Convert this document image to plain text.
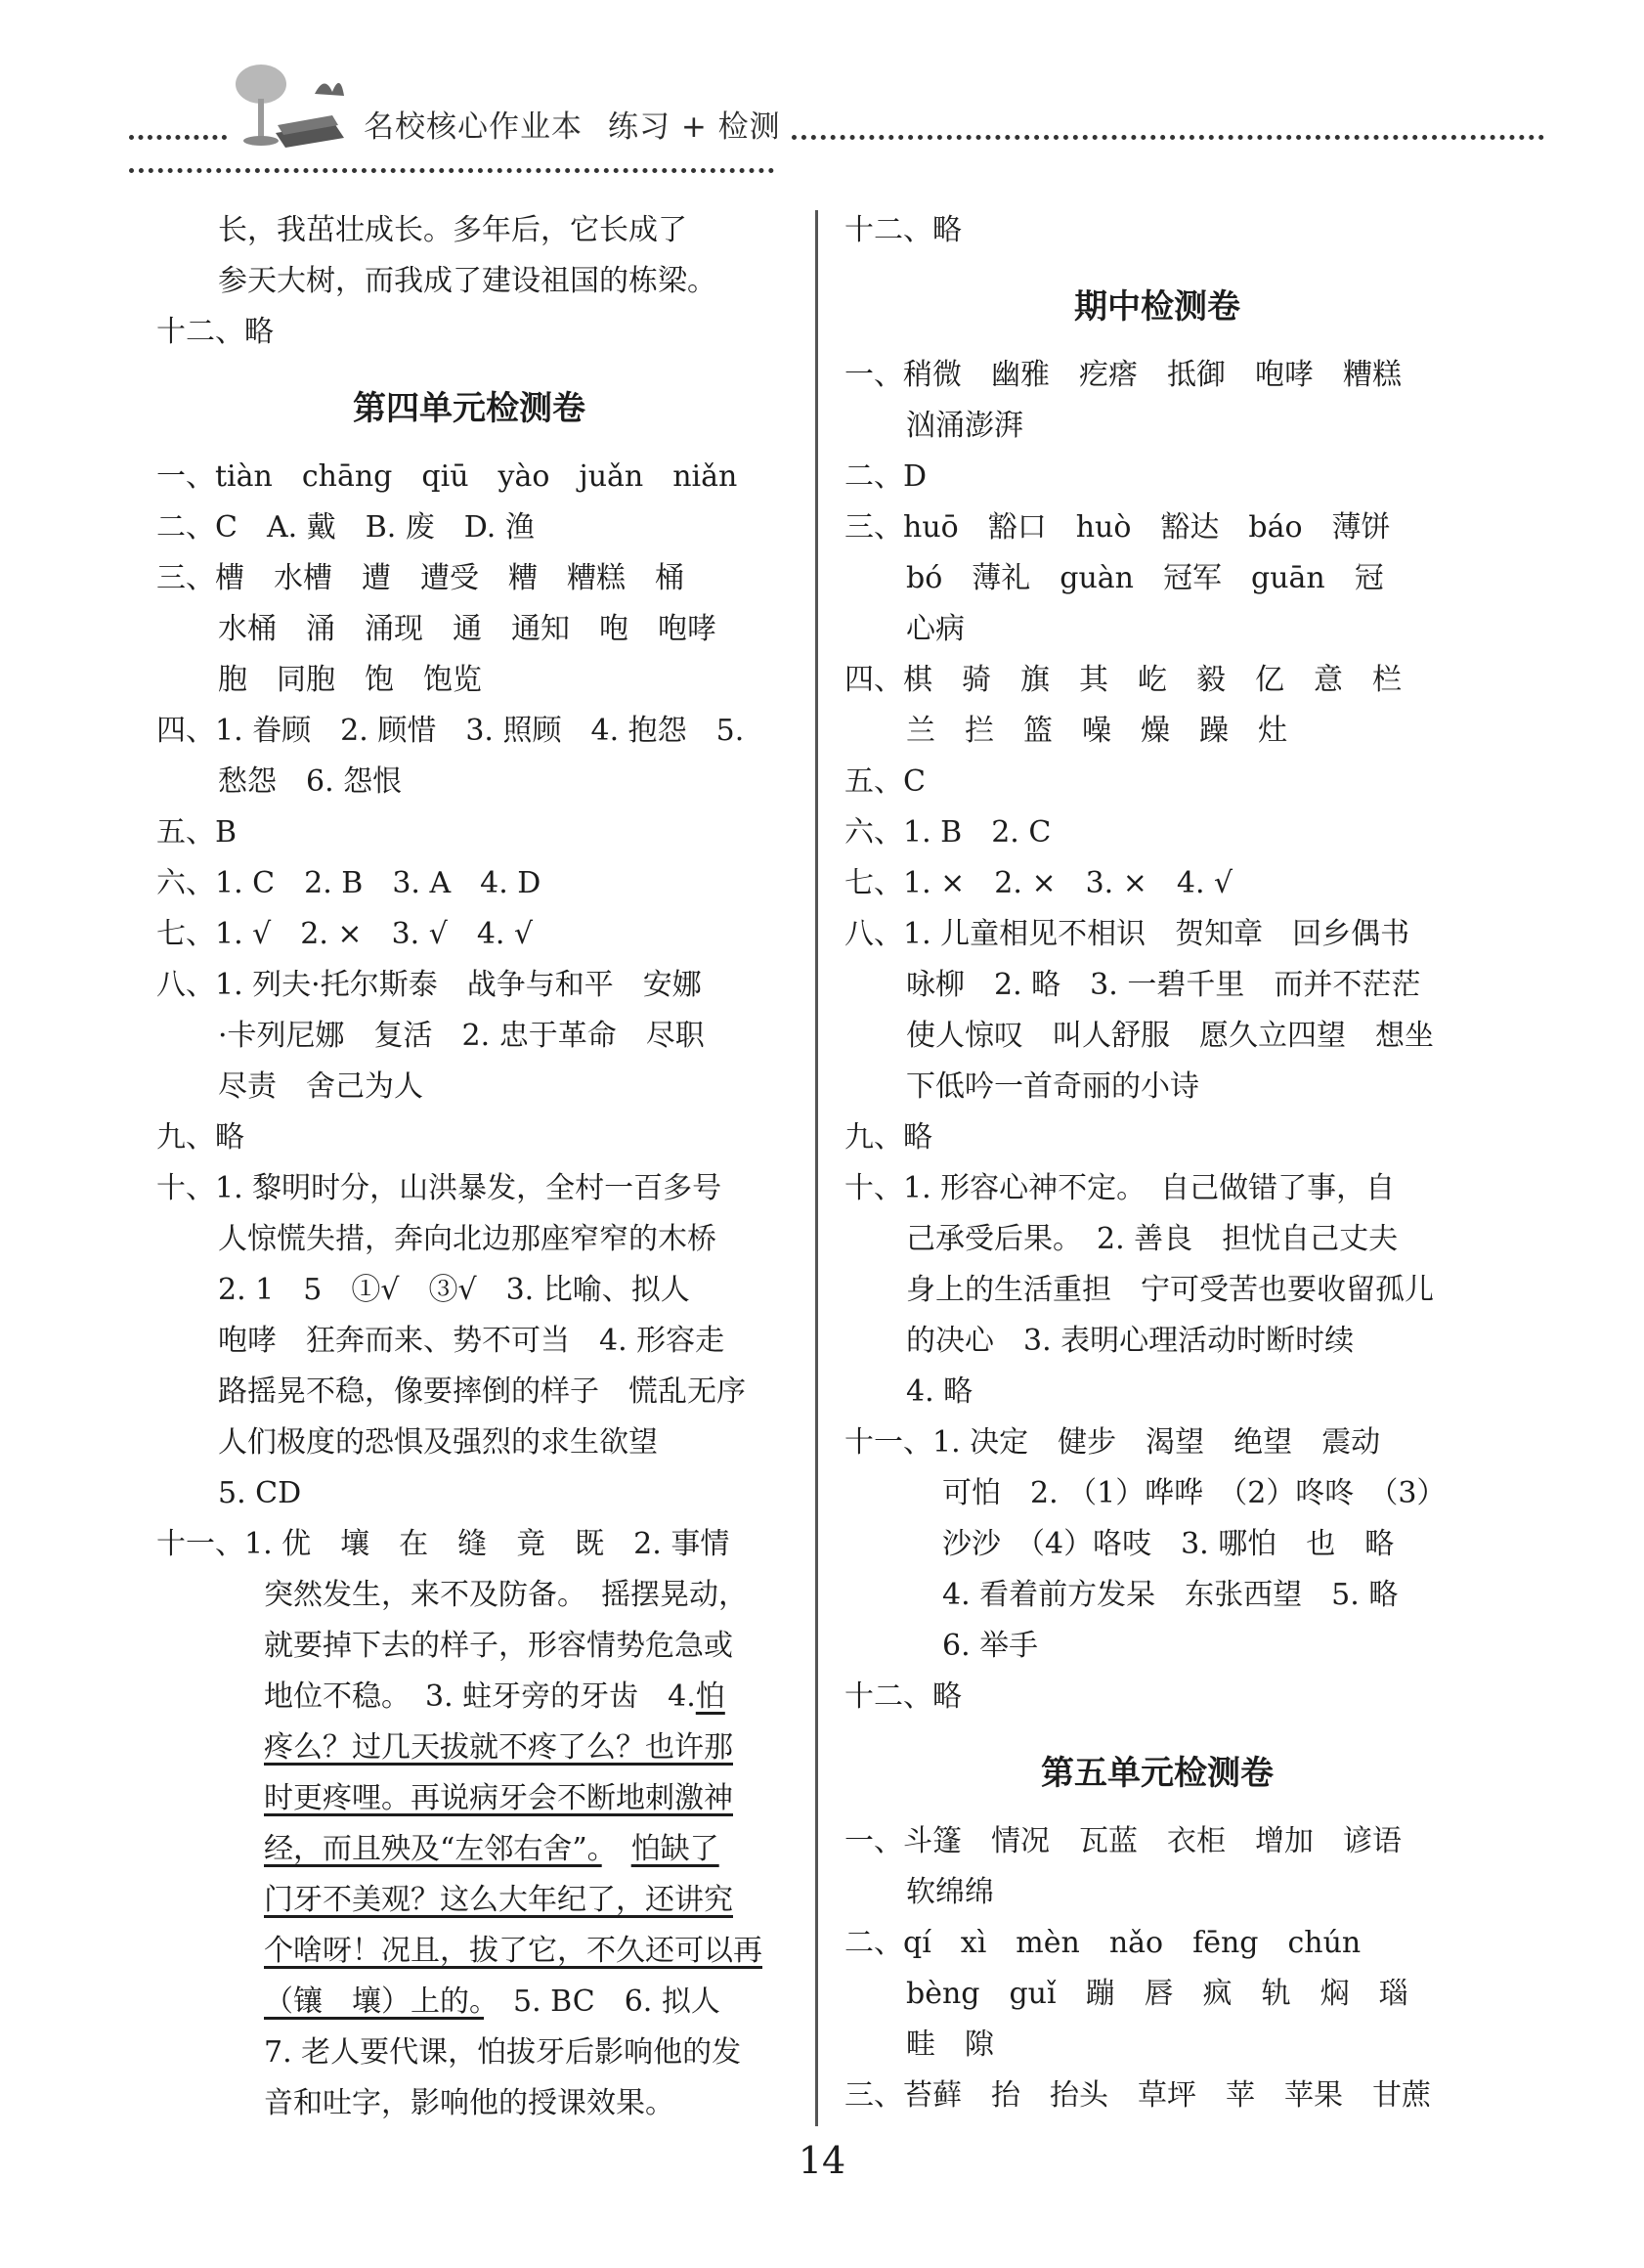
名校核心作业本 练习 + 检测
长，我茁壮成长。多年后，它长成了
参天大树，而我成了建设祖国的栋梁。
十二、略
第四单元检测卷
一、tiàn　chāng　qiū　yào　juǎn　niǎn
二、C　A. 戴　B. 废　D. 渔
三、槽　水槽　遭　遭受　糟　糟糕　桶
水桶　涌　涌现　通　通知　咆　咆哮
胞　同胞　饱　饱览
四、1. 眷顾　2. 顾惜　3. 照顾　4. 抱怨　5.
愁怨　6. 怨恨
五、B
六、1. C　2. B　3. A　4. D
七、1. √　2. ×　3. √　4. √
八、1. 列夫·托尔斯泰　战争与和平　安娜
·卡列尼娜　复活　2. 忠于革命　尽职
尽责　舍己为人
九、略
十、1. 黎明时分，山洪暴发，全村一百多号
人惊慌失措，奔向北边那座窄窄的木桥
2. 1　5　①√　③√　3. 比喻、拟人
咆哮　狂奔而来、势不可当　4. 形容走
路摇晃不稳，像要摔倒的样子　慌乱无序
人们极度的恐惧及强烈的求生欲望
5. CD
十一、1. 优　壤　在　缝　竟　既　2. 事情
突然发生，来不及防备。　摇摆晃动，
就要掉下去的样子，形容情势危急或
地位不稳。　3. 蛀牙旁的牙齿　4.怕
疼么？过几天拔就不疼了么？也许那
时更疼哩。再说病牙会不断地刺激神
经，而且殃及“左邻右舍”。　 怕缺了
门牙不美观？这么大年纪了，还讲究
个啥呀！况且，拔了它，不久还可以再
（镶　壤）上的。　5. BC　6. 拟人
7. 老人要代课，怕拔牙后影响他的发
音和吐字，影响他的授课效果。
十二、略
期中检测卷
一、稍微　幽雅　疙瘩　抵御　咆哮　糟糕
汹涌澎湃
二、D
三、huō　豁口　huò　豁达　báo　薄饼
bó　薄礼　guàn　冠军　guān　冠
心病
四、棋　骑　旗　其　屹　毅　亿　意　栏
兰　拦　篮　噪　燥　躁　灶
五、C
六、1. B　2. C
七、1. ×　2. ×　3. ×　4. √
八、1. 儿童相见不相识　贺知章　回乡偶书
咏柳　2. 略　3. 一碧千里　而并不茫茫
使人惊叹　叫人舒服　愿久立四望　想坐
下低吟一首奇丽的小诗
九、略
十、1. 形容心神不定。　自己做错了事，自
己承受后果。　2. 善良　担忧自己丈夫
身上的生活重担　宁可受苦也要收留孤儿
的决心　3. 表明心理活动时断时续
4. 略
十一、1. 决定　健步　渴望　绝望　震动
可怕　2. （1）哗哗　（2）咚咚　（3）
沙沙　（4）咯吱　3. 哪怕　也　略
4. 看着前方发呆　东张西望　5. 略
6. 举手
十二、略
第五单元检测卷
一、斗篷　情况　瓦蓝　衣柜　增加　谚语
软绵绵
二、qí　xì　mèn　nǎo　fēng　chún
bèng　guǐ　蹦　唇　疯　轨　焖　瑙
畦　隙
三、苔藓　抬　抬头　草坪　苹　苹果　甘蔗
14
